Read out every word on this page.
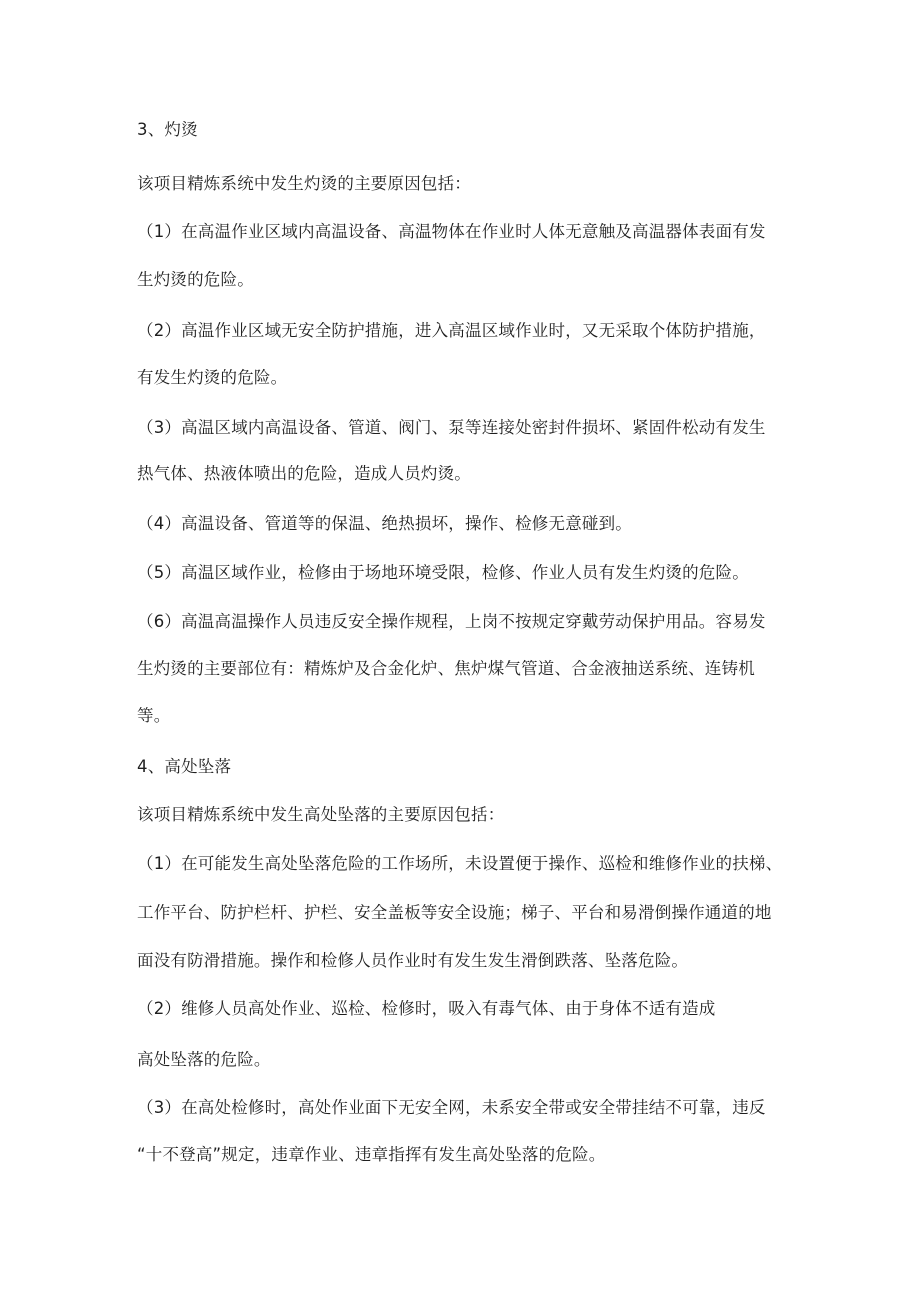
3、灼烫
该项目精炼系统中发生灼烫的主要原因包括：
（1）在高温作业区域内高温设备、高温物体在作业时人体无意触及高温器体表面有发
生灼烫的危险。
（2）高温作业区域无安全防护措施，进入高温区域作业时，又无采取个体防护措施，
有发生灼烫的危险。
（3）高温区域内高温设备、管道、阀门、泵等连接处密封件损坏、紧固件松动有发生
热气体、热液体喷出的危险，造成人员灼烫。
（4）高温设备、管道等的保温、绝热损坏，操作、检修无意碰到。
（5）高温区域作业，检修由于场地环境受限，检修、作业人员有发生灼烫的危险。
（6）高温高温操作人员违反安全操作规程，上岗不按规定穿戴劳动保护用品。容易发
生灼烫的主要部位有：精炼炉及合金化炉、焦炉煤气管道、合金液抽送系统、连铸机
等。
4、高处坠落
该项目精炼系统中发生高处坠落的主要原因包括：
（1）在可能发生高处坠落危险的工作场所，未设置便于操作、巡检和维修作业的扶梯、
工作平台、防护栏杆、护栏、安全盖板等安全设施；梯子、平台和易滑倒操作通道的地
面没有防滑措施。操作和检修人员作业时有发生发生滑倒跌落、坠落危险。
（2）维修人员高处作业、巡检、检修时，吸入有毒气体、由于身体不适有造成
高处坠落的危险。
（3）在高处检修时，高处作业面下无安全网，未系安全带或安全带挂结不可靠，违反
“十不登高”规定，违章作业、违章指挥有发生高处坠落的危险。
